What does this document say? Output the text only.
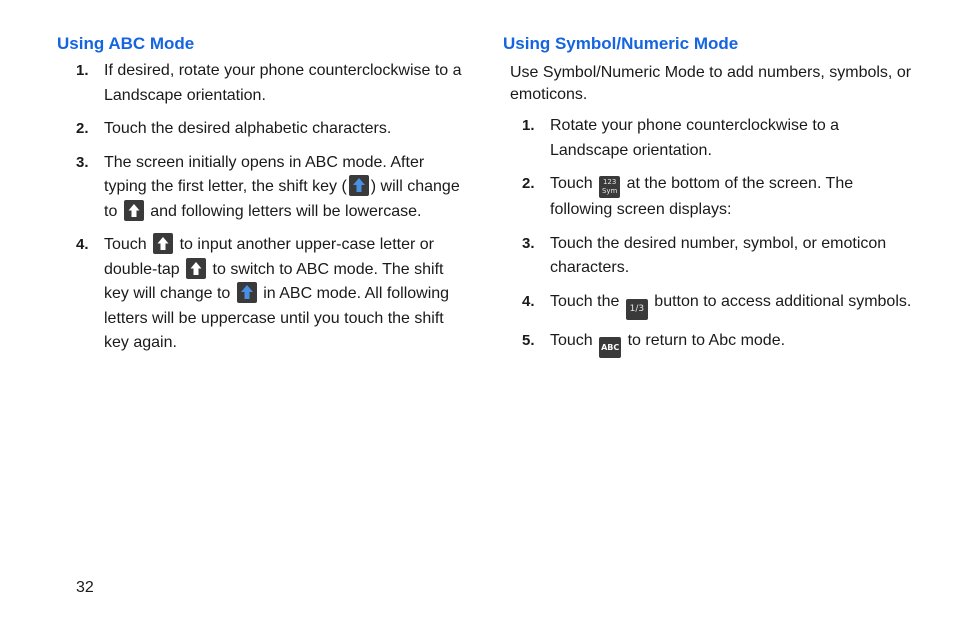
Using ABC Mode
1. If desired, rotate your phone counterclockwise to a Landscape orientation.
2. Touch the desired alphabetic characters.
3. The screen initially opens in ABC mode. After typing the first letter, the shift key ( ) will change to and following letters will be lowercase.
4. Touch to input another upper-case letter or double-tap to switch to ABC mode. The shift key will change to in ABC mode. All following letters will be uppercase until you touch the shift key again.
Using Symbol/Numeric Mode

Use Symbol/Numeric Mode to add numbers, symbols, or emoticons.

1. Rotate your phone counterclockwise to a Landscape orientation.
2. Touch	123
Sym at the bottom of the screen. The following screen displays:
3. Touch the desired number, symbol, or emoticon characters.
4. Touch the 1/3 button to access additional symbols.
5. Touch ABC to return to Abc mode.
32
